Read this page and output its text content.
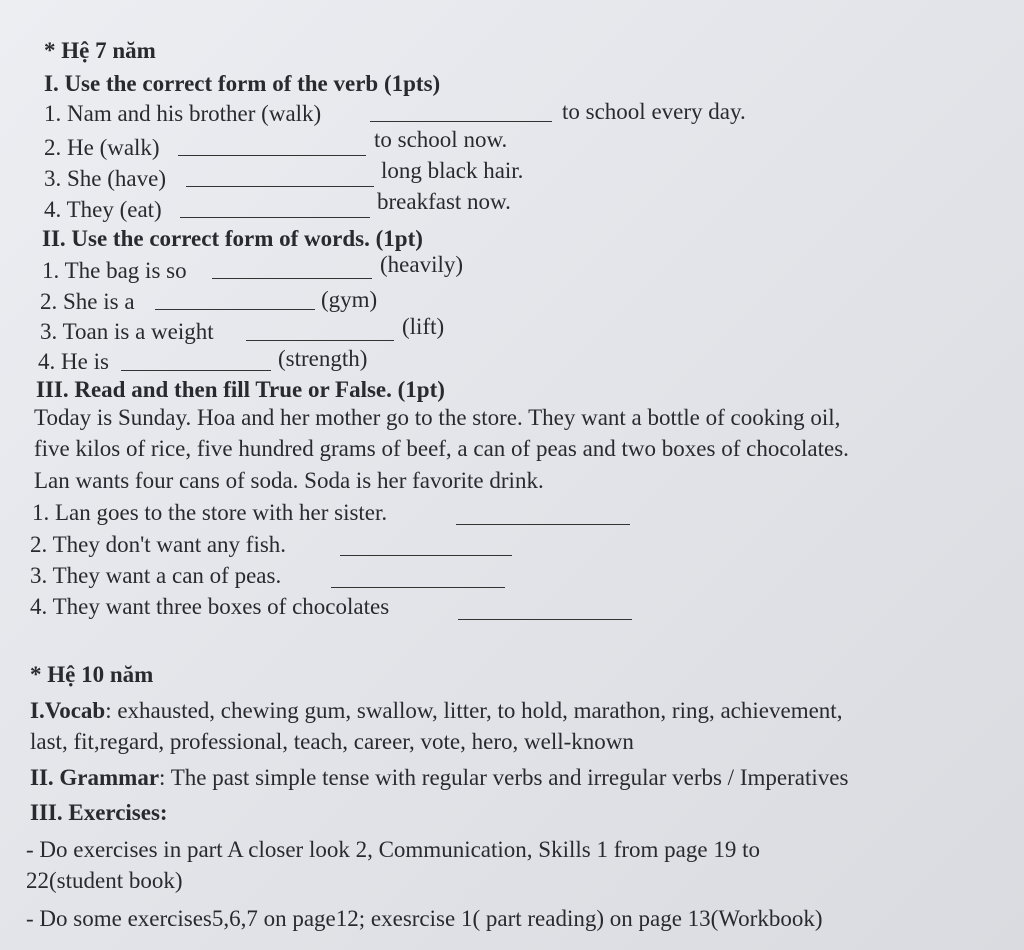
* Hệ 7 năm
I. Use the correct form of the verb (1pts)
1. Nam and his brother (walk)	to school every day.
2. He (walk)	to school now.
3. She (have)	long black hair.
4. They (eat)	breakfast now.
II. Use the correct form of words. (1pt)
1. The bag is so	(heavily)
2. She is a	(gym)
3. Toan is a weight	(lift)
4. He is	(strength)
III. Read and then fill True or False. (1pt)
Today is Sunday. Hoa and her mother go to the store. They want a bottle of cooking oil,
five kilos of rice, five hundred grams of beef, a can of peas and two boxes of chocolates.
Lan wants four cans of soda. Soda is her favorite drink.
1. Lan goes to the store with her sister.
2. They don't want any fish.
3. They want a can of peas.
4. They want three boxes of chocolates
* Hệ 10 năm
I.Vocab: exhausted, chewing gum, swallow, litter, to hold, marathon, ring, achievement,
last, fit,regard, professional, teach, career, vote, hero, well-known
II. Grammar: The past simple tense with regular verbs and irregular verbs / Imperatives
III. Exercises:
- Do exercises in part A closer look 2, Communication, Skills 1 from page 19 to
22(student book)
- Do some exercises5,6,7 on page12; exesrcise 1( part reading) on page 13(Workbook)
